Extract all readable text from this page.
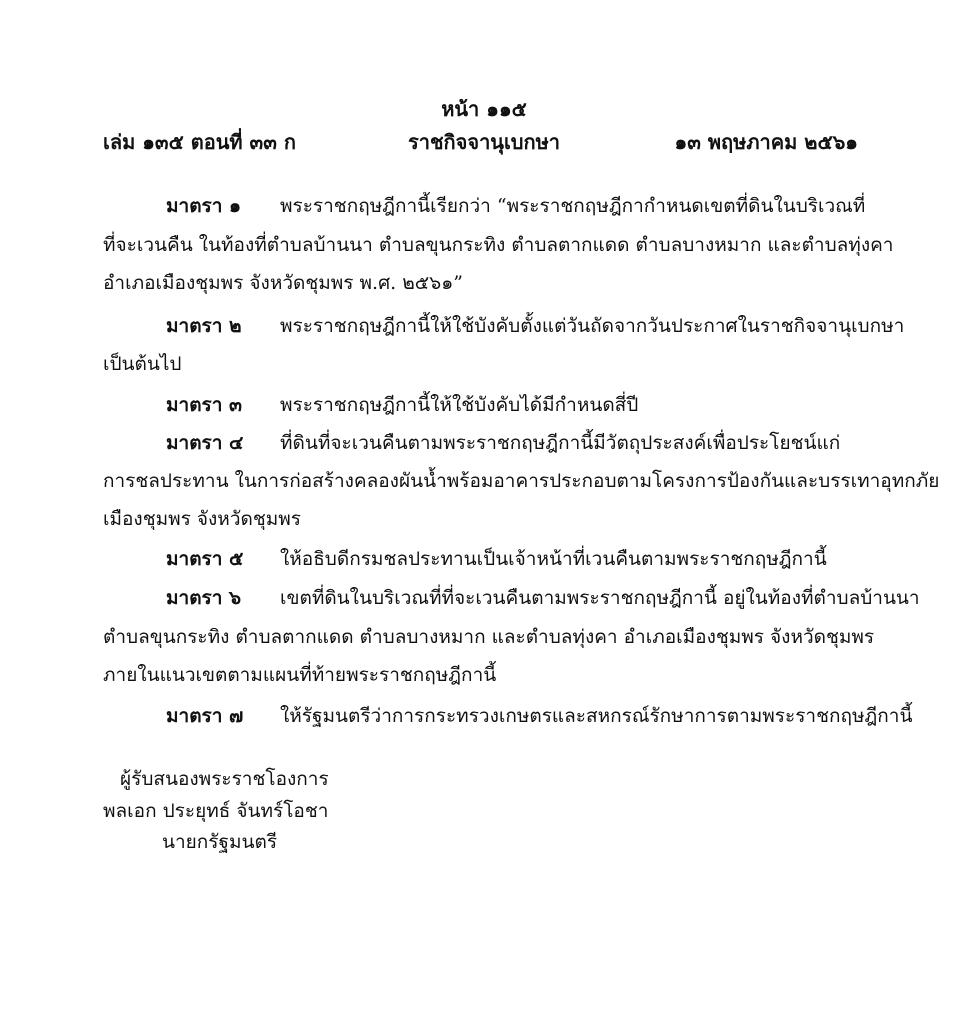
หน้า ๑๑๕
เล่ม ๑๓๕ ตอนที่ ๓๓ ก	ราชกิจจานุเบกษา	๑๓ พฤษภาคม ๒๕๖๑
มาตรา ๑ พระราชกฤษฎีกานี้เรียกว่า “พระราชกฤษฎีกากำหนดเขตที่ดินในบริเวณที่
ที่จะเวนคืน ในท้องที่ตำบลบ้านนา ตำบลขุนกระทิง ตำบลตากแดด ตำบลบางหมาก และตำบลทุ่งคา
อำเภอเมืองชุมพร จังหวัดชุมพร พ.ศ. ๒๕๖๑”
มาตรา ๒ พระราชกฤษฎีกานี้ให้ใช้บังคับตั้งแต่วันถัดจากวันประกาศในราชกิจจานุเบกษา
เป็นต้นไป
มาตรา ๓ พระราชกฤษฎีกานี้ให้ใช้บังคับได้มีกำหนดสี่ปี
มาตรา ๔ ที่ดินที่จะเวนคืนตามพระราชกฤษฎีกานี้มีวัตถุประสงค์เพื่อประโยชน์แก่
การชลประทาน ในการก่อสร้างคลองผันน้ำพร้อมอาคารประกอบตามโครงการป้องกันและบรรเทาอุทกภัย
เมืองชุมพร จังหวัดชุมพร
มาตรา ๕ ให้อธิบดีกรมชลประทานเป็นเจ้าหน้าที่เวนคืนตามพระราชกฤษฎีกานี้
มาตรา ๖ เขตที่ดินในบริเวณที่ที่จะเวนคืนตามพระราชกฤษฎีกานี้ อยู่ในท้องที่ตำบลบ้านนา
ตำบลขุนกระทิง ตำบลตากแดด ตำบลบางหมาก และตำบลทุ่งคา อำเภอเมืองชุมพร จังหวัดชุมพร
ภายในแนวเขตตามแผนที่ท้ายพระราชกฤษฎีกานี้
มาตรา ๗ ให้รัฐมนตรีว่าการกระทรวงเกษตรและสหกรณ์รักษาการตามพระราชกฤษฎีกานี้
ผู้รับสนองพระราชโองการ
พลเอก ประยุทธ์ จันทร์โอชา
นายกรัฐมนตรี
